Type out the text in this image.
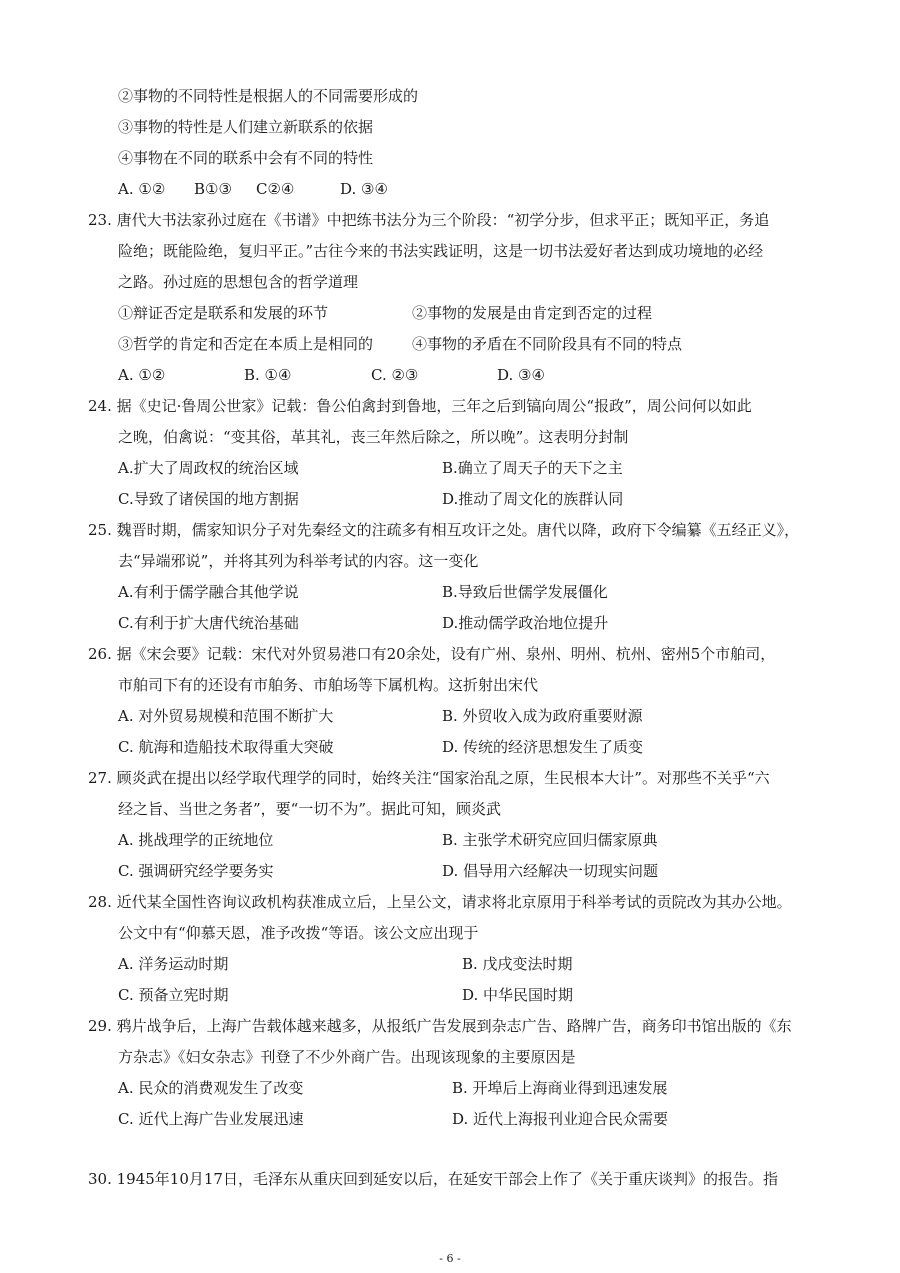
②事物的不同特性是根据人的不同需要形成的
③事物的特性是人们建立新联系的依据
④事物在不同的联系中会有不同的特性
A. ①② B①③ C②④	D. ③④
23. 唐代大书法家孙过庭在《书谱》中把练书法分为三个阶段：“初学分步，但求平正；既知平正，务追
险绝；既能险绝，复归平正。”古往今来的书法实践证明，这是一切书法爱好者达到成功境地的必经
之路。孙过庭的思想包含的哲学道理
①辩证否定是联系和发展的环节	②事物的发展是由肯定到否定的过程
③哲学的肯定和否定在本质上是相同的	④事物的矛盾在不同阶段具有不同的特点
A. ①②	B. ①④	C. ②③	D. ③④
24. 据《史记·鲁周公世家》记载：鲁公伯禽封到鲁地，三年之后到镐向周公“报政”，周公问何以如此
之晚，伯禽说：“变其俗，革其礼，丧三年然后除之，所以晚”。这表明分封制
A.扩大了周政权的统治区域	B.确立了周天子的天下之主
C.导致了诸侯国的地方割据	D.推动了周文化的族群认同
25. 魏晋时期，儒家知识分子对先秦经文的注疏多有相互攻讦之处。唐代以降，政府下令编纂《五经正义》，
去“异端邪说”，并将其列为科举考试的内容。这一变化
A.有利于儒学融合其他学说	B.导致后世儒学发展僵化
C.有利于扩大唐代统治基础	D.推动儒学政治地位提升
26. 据《宋会要》记载：宋代对外贸易港口有20余处，设有广州、泉州、明州、杭州、密州5个市舶司，
市舶司下有的还设有市舶务、市舶场等下属机构。这折射出宋代
A. 对外贸易规模和范围不断扩大	B. 外贸收入成为政府重要财源
C. 航海和造船技术取得重大突破	D. 传统的经济思想发生了质变
27. 顾炎武在提出以经学取代理学的同时，始终关注“国家治乱之原，生民根本大计”。对那些不关乎“六
经之旨、当世之务者”，要“一切不为”。据此可知，顾炎武
A. 挑战理学的正统地位	B. 主张学术研究应回归儒家原典
C. 强调研究经学要务实	D. 倡导用六经解决一切现实问题
28. 近代某全国性咨询议政机构获准成立后，上呈公文，请求将北京原用于科举考试的贡院改为其办公地。
公文中有“仰慕天恩，准予改拨“等语。该公文应出现于
A. 洋务运动时期	B. 戊戌变法时期
C. 预备立宪时期	D. 中华民国时期
29. 鸦片战争后，上海广告载体越来越多，从报纸广告发展到杂志广告、路牌广告，商务印书馆出版的《东
方杂志》《妇女杂志》刊登了不少外商广告。出现该现象的主要原因是
A. 民众的消费观发生了改变	B. 开埠后上海商业得到迅速发展
C. 近代上海广告业发展迅速	D. 近代上海报刊业迎合民众需要
30. 1945年10月17日，毛泽东从重庆回到延安以后，在延安干部会上作了《关于重庆谈判》的报告。指
- 6 -
